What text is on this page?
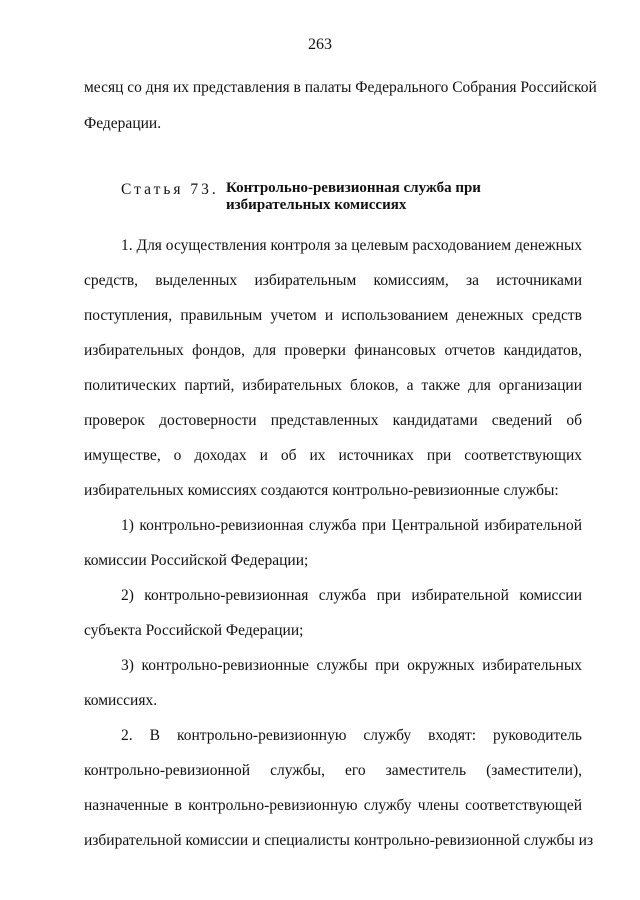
263
месяц со дня их представления в палаты Федерального Собрания Российской
Федерации.
Статья 73. Контрольно-ревизионная служба при
избирательных комиссиях
1. Для осуществления контроля за целевым расходованием денежных
средств, выделенных избирательным комиссиям, за источниками
поступления, правильным учетом и использованием денежных средств
избирательных фондов, для проверки финансовых отчетов кандидатов,
политических партий, избирательных блоков, а также для организации
проверок достоверности представленных кандидатами сведений об
имуществе, о доходах и об их источниках при соответствующих
избирательных комиссиях создаются контрольно-ревизионные службы:
1) контрольно-ревизионная служба при Центральной избирательной
комиссии Российской Федерации;
2) контрольно-ревизионная служба при избирательной комиссии
субъекта Российской Федерации;
3) контрольно-ревизионные службы при окружных избирательных
комиссиях.
2. В контрольно-ревизионную службу входят: руководитель
контрольно-ревизионной службы, его заместитель (заместители),
назначенные в контрольно-ревизионную службу члены соответствующей
избирательной комиссии и специалисты контрольно-ревизионной службы из
